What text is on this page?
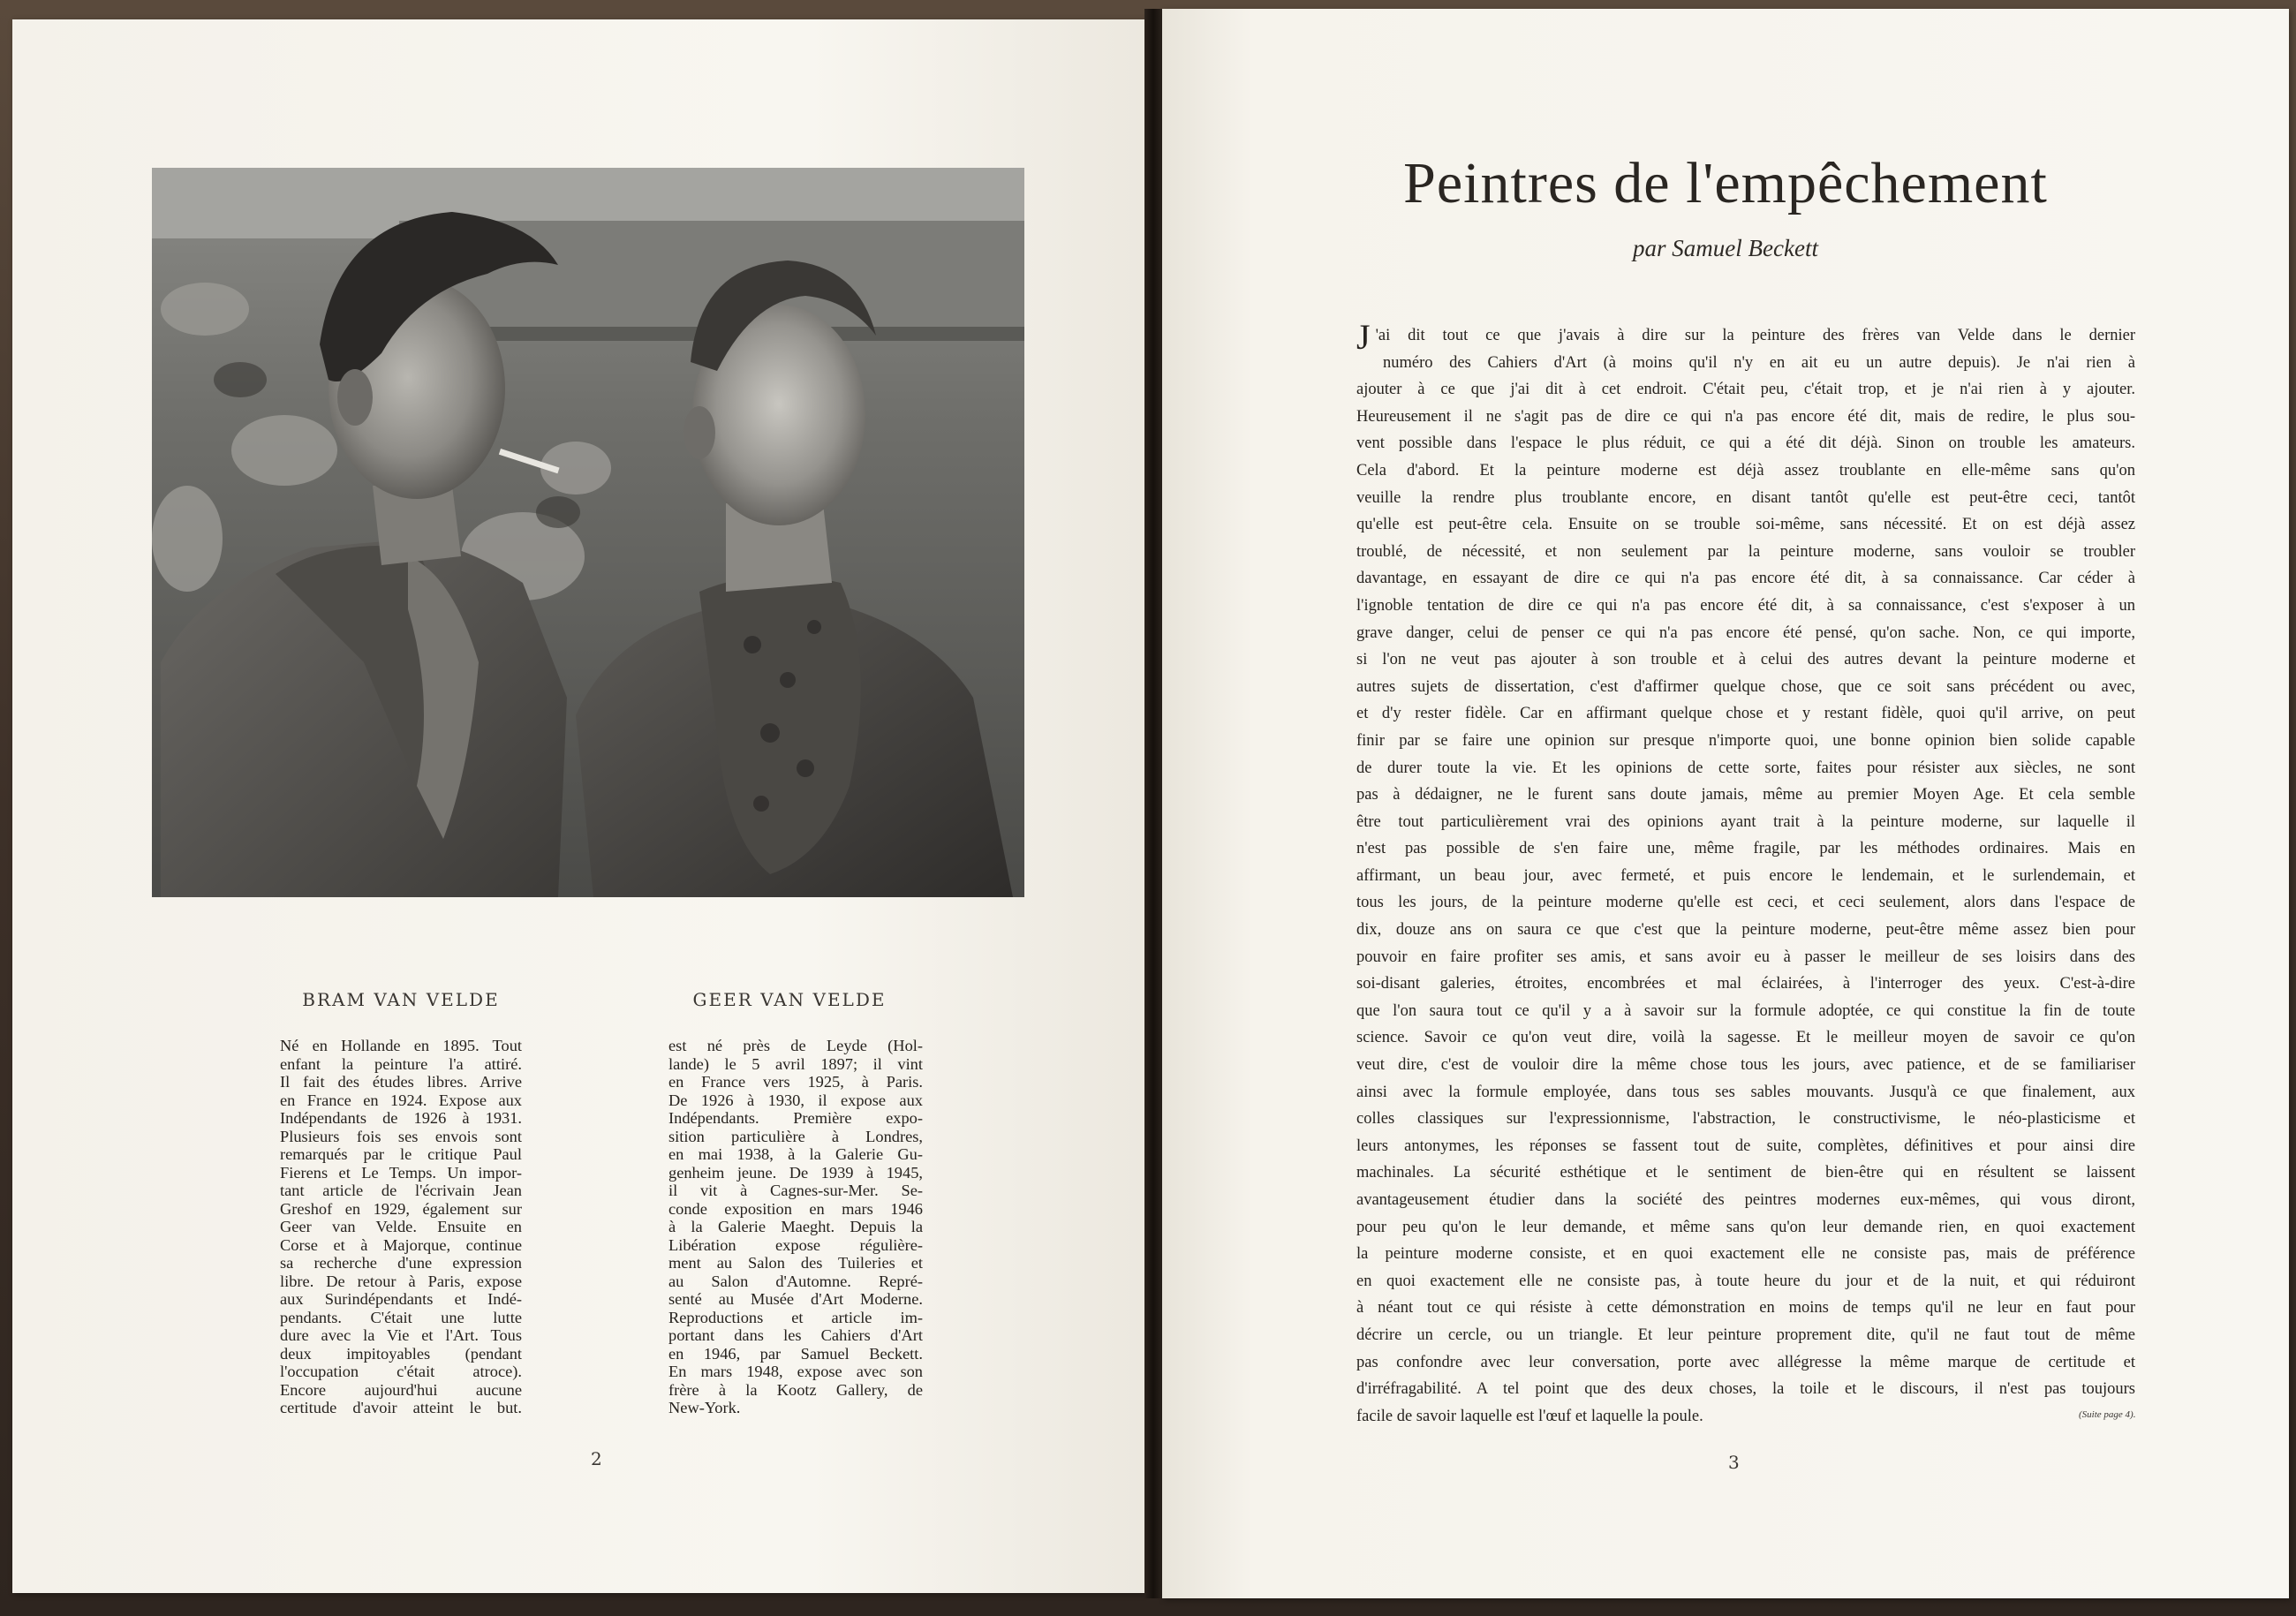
BRAM VAN VELDE	GEER VAN VELDE
Né en Hollande en 1895. Tout
enfant la peinture l'a attiré.
Il fait des études libres. Arrive
en France en 1924. Expose aux
Indépendants de 1926 à 1931.
Plusieurs fois ses envois sont
remarqués par le critique Paul
Fierens et Le Temps. Un impor-
tant article de l'écrivain Jean
Greshof en 1929, également sur
Geer van Velde. Ensuite en
Corse et à Majorque, continue
sa recherche d'une expression
libre. De retour à Paris, expose
aux Surindépendants et Indé-
pendants. C'était une lutte
dure avec la Vie et l'Art. Tous
deux impitoyables (pendant
l'occupation c'était atroce).
Encore aujourd'hui aucune
certitude d'avoir atteint le but.
est né près de Leyde (Hol-
lande) le 5 avril 1897; il vint
en France vers 1925, à Paris.
De 1926 à 1930, il expose aux
Indépendants. Première expo-
sition particulière à Londres,
en mai 1938, à la Galerie Gu-
genheim jeune. De 1939 à 1945,
il vit à Cagnes-sur-Mer. Se-
conde exposition en mars 1946
à la Galerie Maeght. Depuis la
Libération expose régulière-
ment au Salon des Tuileries et
au Salon d'Automne. Repré-
senté au Musée d'Art Moderne.
Reproductions et article im-
portant dans les Cahiers d'Art
en 1946, par Samuel Beckett.
En mars 1948, expose avec son
frère à la Kootz Gallery, de
New-York.
2
Peintres de l'empêchement
par Samuel Beckett
J 'ai dit tout ce que j'avais à dire sur la peinture des frères van Velde dans le dernier
numéro des Cahiers d'Art (à moins qu'il n'y en ait eu un autre depuis). Je n'ai rien à
ajouter à ce que j'ai dit à cet endroit. C'était peu, c'était trop, et je n'ai rien à y ajouter.
Heureusement il ne s'agit pas de dire ce qui n'a pas encore été dit, mais de redire, le plus sou-
vent possible dans l'espace le plus réduit, ce qui a été dit déjà. Sinon on trouble les amateurs.
Cela d'abord. Et la peinture moderne est déjà assez troublante en elle-même sans qu'on
veuille la rendre plus troublante encore, en disant tantôt qu'elle est peut-être ceci, tantôt
qu'elle est peut-être cela. Ensuite on se trouble soi-même, sans nécessité. Et on est déjà assez
troublé, de nécessité, et non seulement par la peinture moderne, sans vouloir se troubler
davantage, en essayant de dire ce qui n'a pas encore été dit, à sa connaissance. Car céder à
l'ignoble tentation de dire ce qui n'a pas encore été dit, à sa connaissance, c'est s'exposer à un
grave danger, celui de penser ce qui n'a pas encore été pensé, qu'on sache. Non, ce qui importe,
si l'on ne veut pas ajouter à son trouble et à celui des autres devant la peinture moderne et
autres sujets de dissertation, c'est d'affirmer quelque chose, que ce soit sans précédent ou avec,
et d'y rester fidèle. Car en affirmant quelque chose et y restant fidèle, quoi qu'il arrive, on peut
finir par se faire une opinion sur presque n'importe quoi, une bonne opinion bien solide capable
de durer toute la vie. Et les opinions de cette sorte, faites pour résister aux siècles, ne sont
pas à dédaigner, ne le furent sans doute jamais, même au premier Moyen Age. Et cela semble
être tout particulièrement vrai des opinions ayant trait à la peinture moderne, sur laquelle il
n'est pas possible de s'en faire une, même fragile, par les méthodes ordinaires. Mais en
affirmant, un beau jour, avec fermeté, et puis encore le lendemain, et le surlendemain, et
tous les jours, de la peinture moderne qu'elle est ceci, et ceci seulement, alors dans l'espace de
dix, douze ans on saura ce que c'est que la peinture moderne, peut-être même assez bien pour
pouvoir en faire profiter ses amis, et sans avoir eu à passer le meilleur de ses loisirs dans des
soi-disant galeries, étroites, encombrées et mal éclairées, à l'interroger des yeux. C'est-à-dire
que l'on saura tout ce qu'il y a à savoir sur la formule adoptée, ce qui constitue la fin de toute
science. Savoir ce qu'on veut dire, voilà la sagesse. Et le meilleur moyen de savoir ce qu'on
veut dire, c'est de vouloir dire la même chose tous les jours, avec patience, et de se familiariser
ainsi avec la formule employée, dans tous ses sables mouvants. Jusqu'à ce que finalement, aux
colles classiques sur l'expressionnisme, l'abstraction, le constructivisme, le néo-plasticisme et
leurs antonymes, les réponses se fassent tout de suite, complètes, définitives et pour ainsi dire
machinales. La sécurité esthétique et le sentiment de bien-être qui en résultent se laissent
avantageusement étudier dans la société des peintres modernes eux-mêmes, qui vous diront,
pour peu qu'on le leur demande, et même sans qu'on leur demande rien, en quoi exactement
la peinture moderne consiste, et en quoi exactement elle ne consiste pas, mais de préférence
en quoi exactement elle ne consiste pas, à toute heure du jour et de la nuit, et qui réduiront
à néant tout ce qui résiste à cette démonstration en moins de temps qu'il ne leur en faut pour
décrire un cercle, ou un triangle. Et leur peinture proprement dite, qu'il ne faut tout de même
pas confondre avec leur conversation, porte avec allégresse la même marque de certitude et
d'irréfragabilité. A tel point que des deux choses, la toile et le discours, il n'est pas toujours
facile de savoir laquelle est l'œuf et laquelle la poule.	(Suite page 4).
3
